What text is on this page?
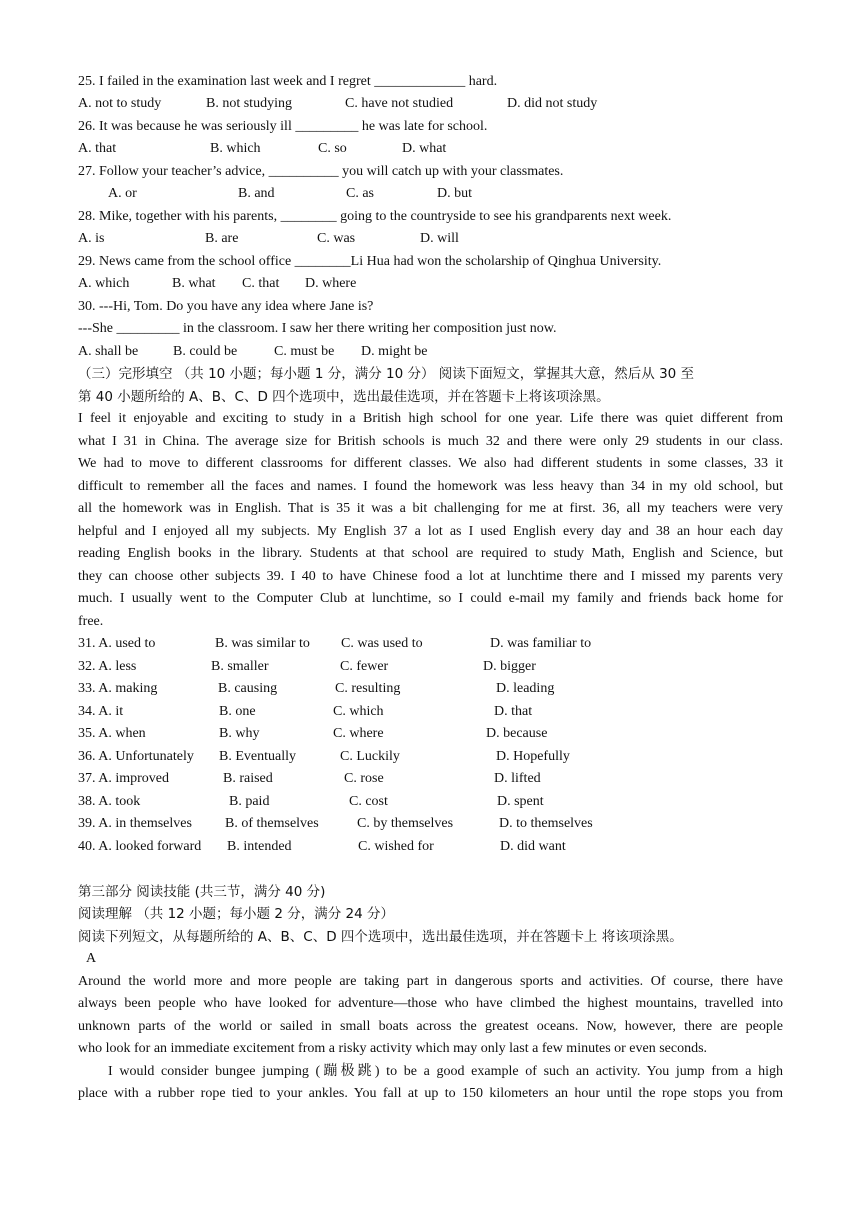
25. I failed in the examination last week and I regret _____________ hard.
A. not to study	B. not studying	C. have not studied	D. did not study
26. It was because he was seriously ill _________ he was late for school.
A. that	B. which	C. so	D. what
27. Follow your teacher’s advice, __________ you will catch up with your classmates.
A. or	B. and	C. as	D. but
28. Mike, together with his parents, ________ going to the countryside to see his grandparents next week.
A. is	B. are	C. was	D. will
29. News came from the school office ________Li Hua had won the scholarship of Qinghua University.
A. which	B. what C. that D. where
30. ---Hi, Tom. Do you have any idea where Jane is?
---She _________ in the classroom. I saw her there writing her composition just now.
A. shall be B. could be	C. must be D. might be
（三）完形填空 （共 10 小题；每小题 1 分，满分 10 分） 阅读下面短文，掌握其大意，然后从 30 至
第 40 小题所给的 A、B、C、D 四个选项中，选出最佳选项，并在答题卡上将该项涂黑。
I feel it enjoyable and exciting to study in a British high school for one year. Life there was quiet different from
what I 31 in China. The average size for British schools is much 32 and there were only 29 students in our class.
We had to move to different classrooms for different classes. We also had different students in some classes, 33 it
difficult to remember all the faces and names. I found the homework was less heavy than 34 in my old school, but
all the homework was in English. That is 35 it was a bit challenging for me at first. 36, all my teachers were very
helpful and I enjoyed all my subjects. My English 37 a lot as I used English every day and 38 an hour each day
reading English books in the library. Students at that school are required to study Math, English and Science, but
they can choose other subjects 39. I 40 to have Chinese food a lot at lunchtime there and I missed my parents very
much. I usually went to the Computer Club at lunchtime, so I could e-mail my family and friends back home for
free.
31. A. used to	B. was similar to C. was used to	D. was familiar to
32. A. less	B. smaller	C. fewer	D. bigger
33. A. making	B. causing	C. resulting	D. leading
34. A. it	B. one	C. which	D. that
35. A. when	B. why	C. where	D. because
36. A. Unfortunately B. Eventually	C. Luckily	D. Hopefully
37. A. improved	B. raised	C. rose	D. lifted
38. A. took	B. paid	C. cost	D. spent
39. A. in themselves B. of themselves	C. by themselves	D. to themselves
40. A. looked forward B. intended	C. wished for	D. did want
第三部分 阅读技能 (共三节，满分 40 分)
阅读理解 （共 12 小题；每小题 2 分，满分 24 分）
阅读下列短文，从每题所给的 A、B、C、D 四个选项中，选出最佳选项，并在答题卡上 将该项涂黑。
A
Around the world more and more people are taking part in dangerous sports and activities. Of course, there have
always been people who have looked for adventure—those who have climbed the highest mountains, travelled into
unknown parts of the world or sailed in small boats across the greatest oceans. Now, however, there are people
who look for an immediate excitement from a risky activity which may only last a few minutes or even seconds.
I would consider bungee jumping (蹦极跳) to be a good example of such an activity. You jump from a high
place with a rubber rope tied to your ankles. You fall at up to 150 kilometers an hour until the rope stops you from
